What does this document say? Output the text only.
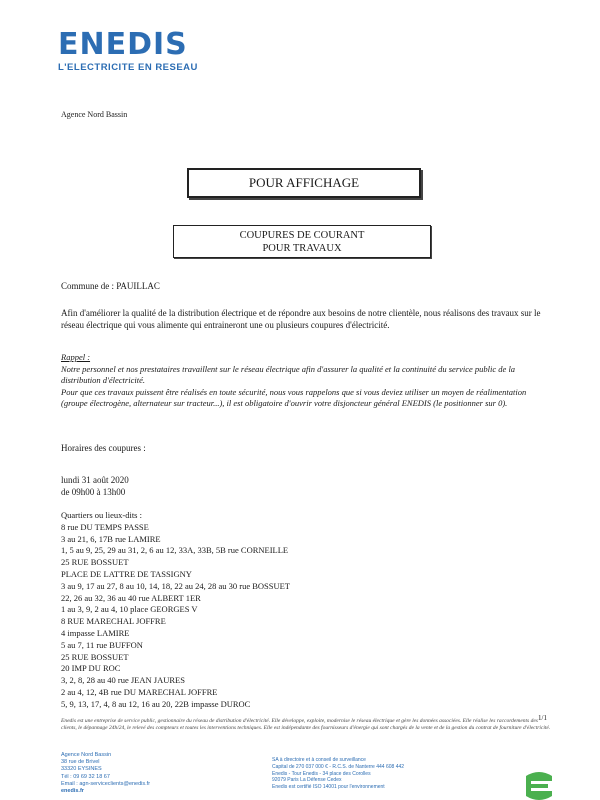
ENEDIS
L'ELECTRICITE EN RESEAU
Agence Nord Bassin
POUR AFFICHAGE
COUPURES DE COURANT
POUR TRAVAUX
Commune de : PAUILLAC
Afin d'améliorer la qualité de la distribution électrique et de répondre aux besoins de notre clientèle, nous réalisons des travaux sur le réseau électrique qui vous alimente qui entraineront une ou plusieurs coupures d'électricité.
Rappel :
Notre personnel et nos prestataires travaillent sur le réseau électrique afin d'assurer la qualité et la continuité du service public de la distribution d'électricité.
Pour que ces travaux puissent être réalisés en toute sécurité, nous vous rappelons que si vous deviez utiliser un moyen de réalimentation (groupe électrogène, alternateur sur tracteur...), il est obligatoire d'ouvrir votre disjoncteur général ENEDIS (le positionner sur 0).
Horaires des coupures :
lundi 31 août 2020
de 09h00 à 13h00
Quartiers ou lieux-dits :
8 rue DU TEMPS PASSE
3 au 21, 6, 17B rue LAMIRE
1, 5 au 9, 25, 29 au 31, 2, 6 au 12, 33A, 33B, 5B rue CORNEILLE
25 RUE BOSSUET
PLACE DE LATTRE DE TASSIGNY
3 au 9, 17 au 27, 8 au 10, 14, 18, 22 au 24, 28 au 30 rue BOSSUET
22, 26 au 32, 36 au 40 rue ALBERT 1ER
1 au 3, 9, 2 au 4, 10 place GEORGES V
8 RUE MARECHAL JOFFRE
4 impasse LAMIRE
5 au 7, 11 rue BUFFON
25 RUE BOSSUET
20 IMP DU ROC
3, 2, 8, 28 au 40 rue JEAN JAURES
2 au 4, 12, 4B rue DU MARECHAL JOFFRE
5, 9, 13, 17, 4, 8 au 12, 16 au 20, 22B impasse DUROC
1/1
Enedis est une entreprise de service public, gestionnaire du réseau de distribution d'électricité. Elle développe, exploite, modernise le réseau électrique et gère les données associées. Elle réalise les raccordements des clients, le dépannage 24h/24, le relevé des compteurs et toutes les interventions techniques. Elle est indépendante des fournisseurs d'énergie qui sont chargés de la vente et de la gestion du contrat de fourniture d'électricité.
Agence Nord Bassin
38 rue de Brivel
33320 EYSINES
Tél : 09 69 32 18 67
Email : agn-serviceclients@enedis.fr
enedis.fr
SA à directoire et à conseil de surveillance
Capital de 270 037 000 € - R.C.S. de Nanterre 444 608 442
Enedis - Tour Enedis - 34 place des Corolles
92079 Paris La Défense Cedex
Enedis est certifié ISO 14001 pour l'environnement
